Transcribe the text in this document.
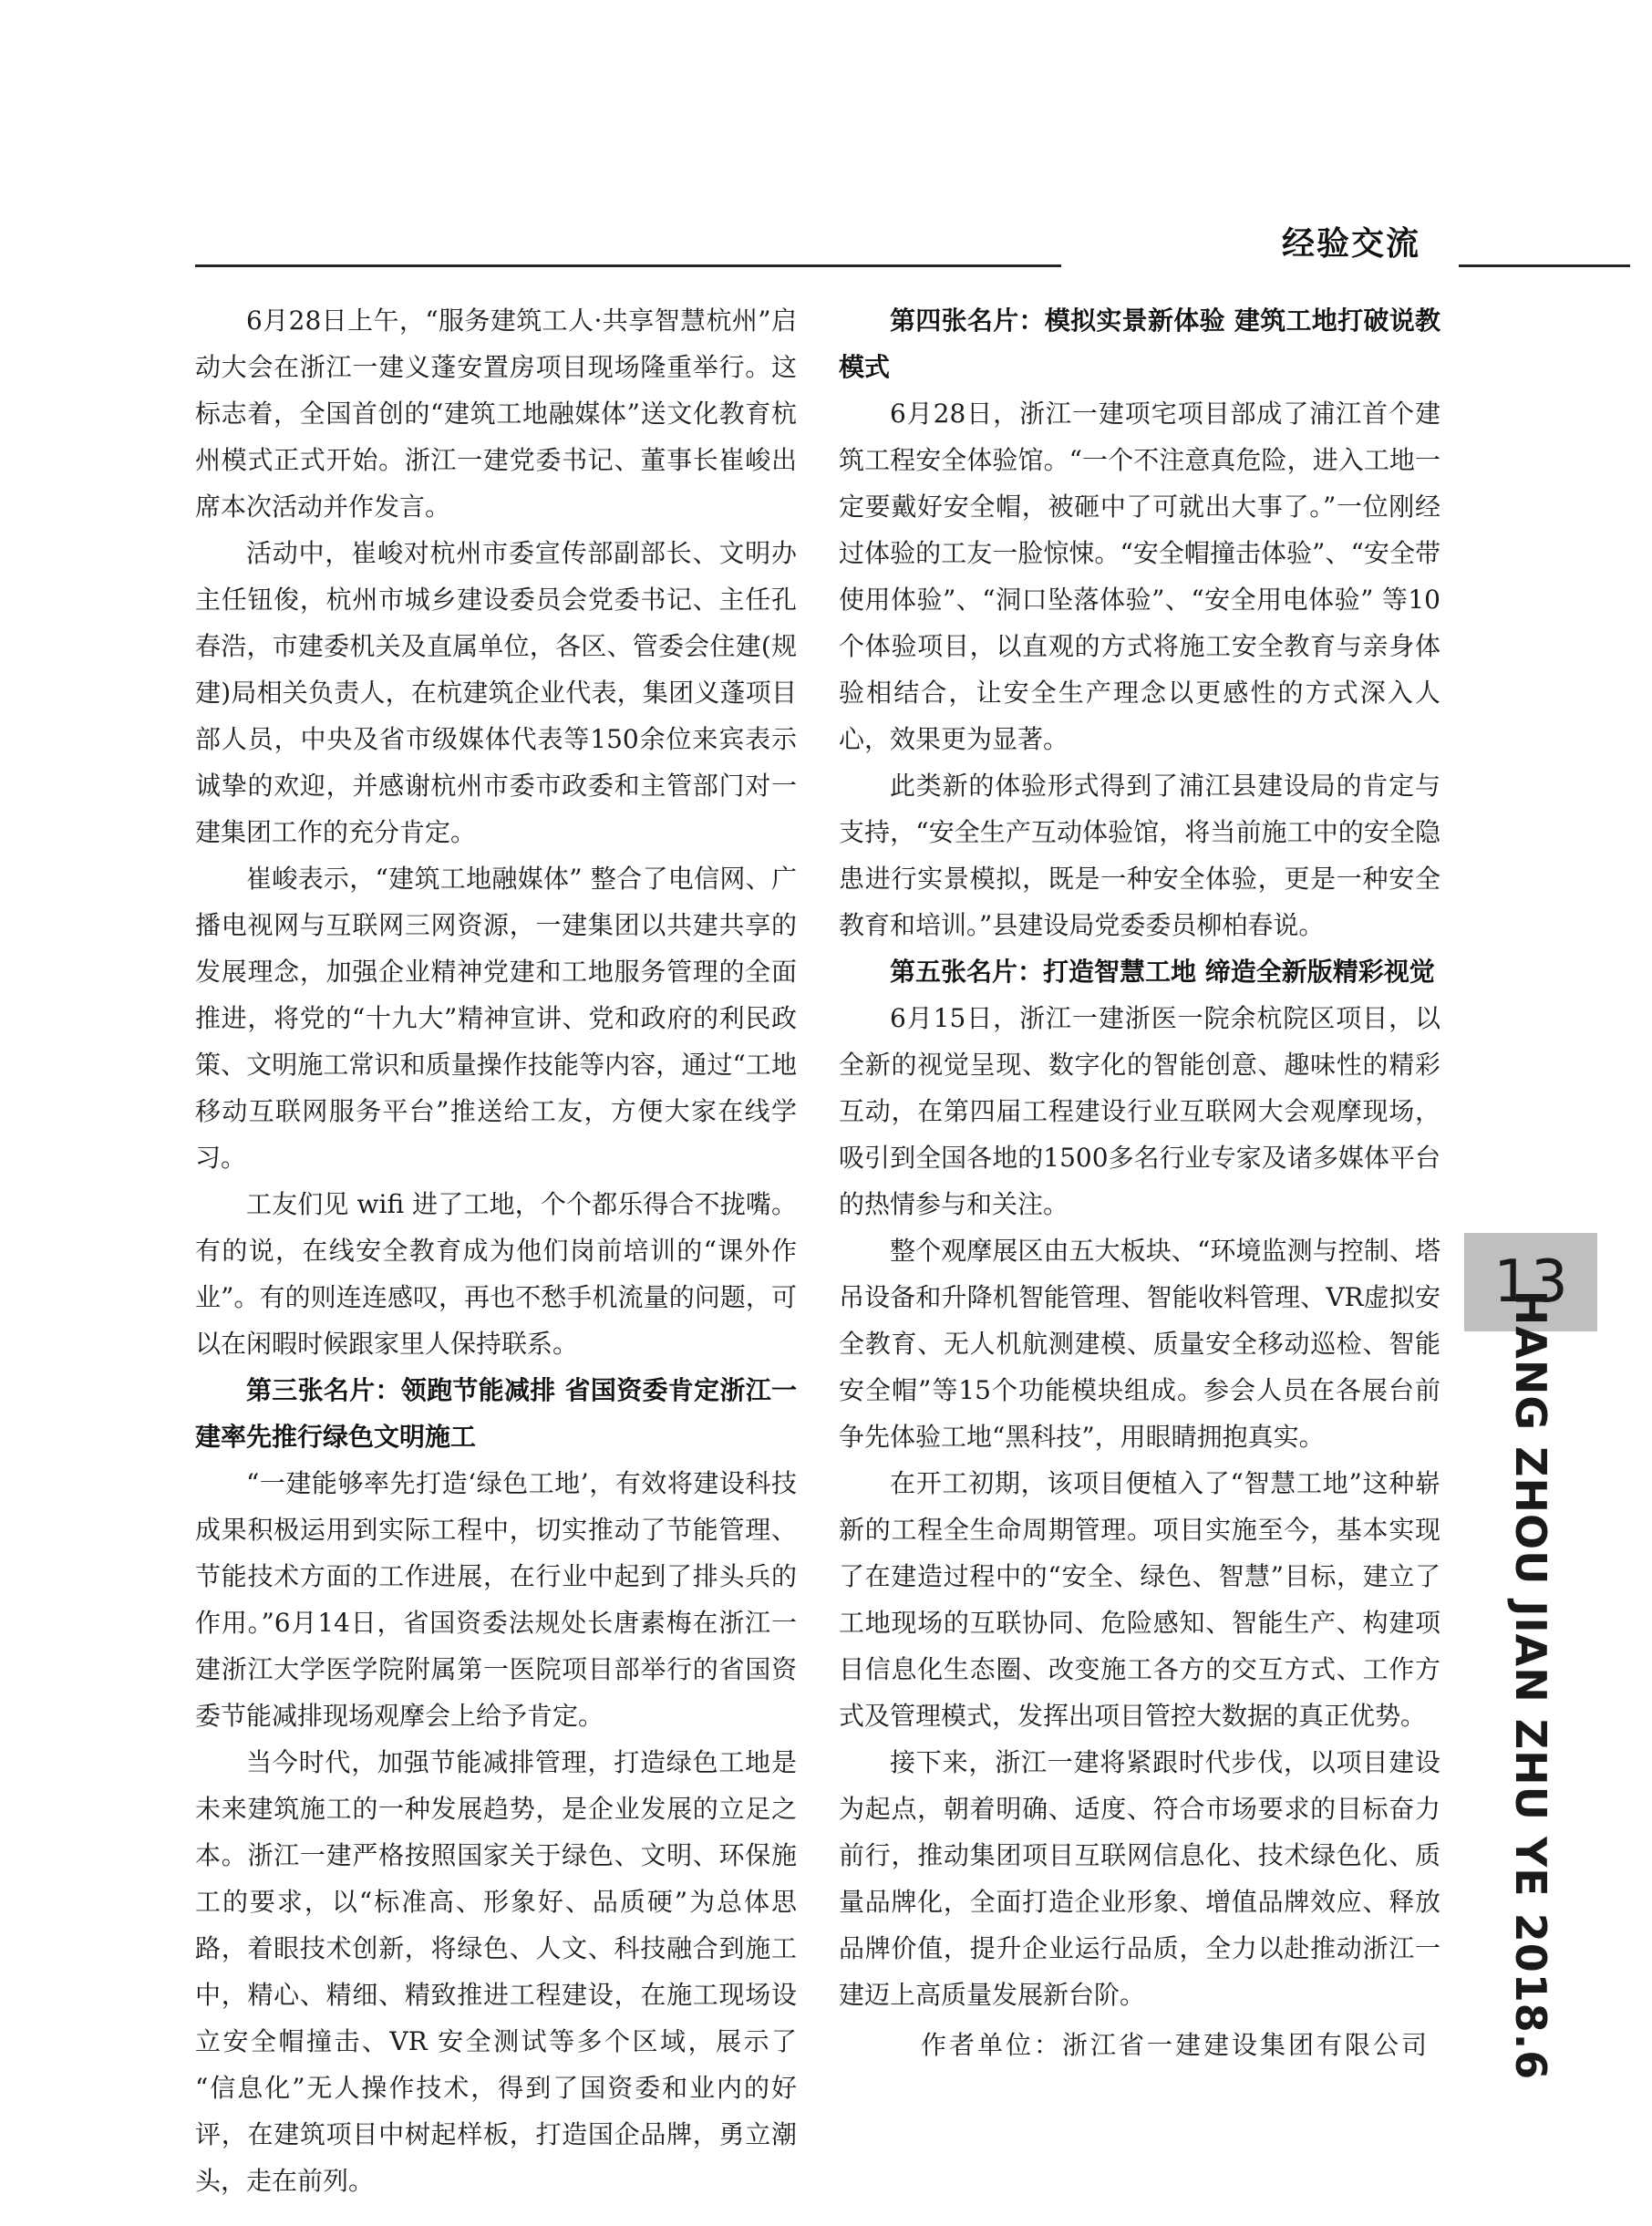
经验交流

6月28日上午，“服务建筑工人·共享智慧杭州”启动大会在浙江一建义蓬安置房项目现场隆重举行。这标志着，全国首创的“建筑工地融媒体”送文化教育杭州模式正式开始。浙江一建党委书记、董事长崔峻出席本次活动并作发言。

活动中，崔峻对杭州市委宣传部副部长、文明办主任钮俊，杭州市城乡建设委员会党委书记、主任孔春浩，市建委机关及直属单位，各区、管委会住建(规建)局相关负责人，在杭建筑企业代表，集团义蓬项目部人员，中央及省市级媒体代表等150余位来宾表示诚挚的欢迎，并感谢杭州市委市政委和主管部门对一建集团工作的充分肯定。

崔峻表示，“建筑工地融媒体” 整合了电信网、广播电视网与互联网三网资源，一建集团以共建共享的发展理念，加强企业精神党建和工地服务管理的全面推进，将党的“十九大”精神宣讲、党和政府的利民政策、文明施工常识和质量操作技能等内容，通过“工地移动互联网服务平台”推送给工友，方便大家在线学习。

工友们见 wifi 进了工地，个个都乐得合不拢嘴。有的说，在线安全教育成为他们岗前培训的“课外作业”。有的则连连感叹，再也不愁手机流量的问题，可以在闲暇时候跟家里人保持联系。

第三张名片：领跑节能减排 省国资委肯定浙江一建率先推行绿色文明施工

“一建能够率先打造‘绿色工地’，有效将建设科技成果积极运用到实际工程中，切实推动了节能管理、节能技术方面的工作进展，在行业中起到了排头兵的作用。”6月14日，省国资委法规处长唐素梅在浙江一建浙江大学医学院附属第一医院项目部举行的省国资委节能减排现场观摩会上给予肯定。

当今时代，加强节能减排管理，打造绿色工地是未来建筑施工的一种发展趋势，是企业发展的立足之本。浙江一建严格按照国家关于绿色、文明、环保施工的要求，以“标准高、形象好、品质硬”为总体思路，着眼技术创新，将绿色、人文、科技融合到施工中，精心、精细、精致推进工程建设，在施工现场设立安全帽撞击、VR 安全测试等多个区域，展示了 “信息化”无人操作技术，得到了国资委和业内的好评，在建筑项目中树起样板，打造国企品牌，勇立潮头，走在前列。

第四张名片：模拟实景新体验 建筑工地打破说教模式

6月28日，浙江一建项宅项目部成了浦江首个建筑工程安全体验馆。“一个不注意真危险，进入工地一定要戴好安全帽，被砸中了可就出大事了。”一位刚经过体验的工友一脸惊悚。“安全帽撞击体验”、“安全带使用体验”、“洞口坠落体验”、“安全用电体验” 等10个体验项目，以直观的方式将施工安全教育与亲身体验相结合，让安全生产理念以更感性的方式深入人心，效果更为显著。

此类新的体验形式得到了浦江县建设局的肯定与支持，“安全生产互动体验馆，将当前施工中的安全隐患进行实景模拟，既是一种安全体验，更是一种安全教育和培训。”县建设局党委委员柳柏春说。

第五张名片：打造智慧工地 缔造全新版精彩视觉

6月15日，浙江一建浙医一院余杭院区项目，以全新的视觉呈现、数字化的智能创意、趣味性的精彩互动，在第四届工程建设行业互联网大会观摩现场，吸引到全国各地的1500多名行业专家及诸多媒体平台的热情参与和关注。

整个观摩展区由五大板块、“环境监测与控制、塔吊设备和升降机智能管理、智能收料管理、VR虚拟安全教育、无人机航测建模、质量安全移动巡检、智能安全帽”等15个功能模块组成。参会人员在各展台前争先体验工地“黑科技”，用眼睛拥抱真实。

在开工初期，该项目便植入了“智慧工地”这种崭新的工程全生命周期管理。项目实施至今，基本实现了在建造过程中的“安全、绿色、智慧”目标，建立了工地现场的互联协同、危险感知、智能生产、构建项目信息化生态圈、改变施工各方的交互方式、工作方式及管理模式，发挥出项目管控大数据的真正优势。

接下来，浙江一建将紧跟时代步伐，以项目建设为起点，朝着明确、适度、符合市场要求的目标奋力前行，推动集团项目互联网信息化、技术绿色化、质量品牌化，全面打造企业形象、增值品牌效应、释放品牌价值，提升企业运行品质，全力以赴推动浙江一建迈上高质量发展新台阶。

作者单位：浙江省一建建设集团有限公司

13
HANG ZHOU JIAN ZHU YE 2018.6
